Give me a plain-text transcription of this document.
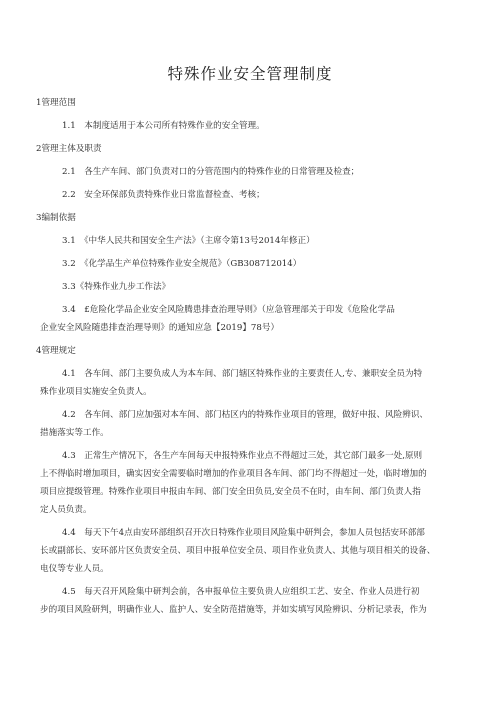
特殊作业安全管理制度
1管理范围
1.1　本制度适用于本公司所有特殊作业的安全管理。
2管理主体及职责
2.1　各生产车间、部门负责对口的分管范围内的特殊作业的日常管理及检查；
2.2　安全环保部负责特殊作业日常监督检查、考核；
3编制依据
3.1　《中华人民共和国安全生产法》（主席令第13号2014年修正）
3.2　《化学品生产单位特殊作业安全规范》（GB308712014）
3.3《特殊作业九步工作法》
3.4　£危险化学品企业安全风险腾患排查治理导则》（应急管理部关于印发《危险化学品
企业安全风险随患排查治理导则》的通知应急【2019】78号）
4管理规定
4.1　各车间、部门主要负成人为本车间、部门辖区特殊作业的主要责任人,专、兼职安全员为特
殊作业项目实施安全负责人。
4.2　各车间、部门应加强对本车间、部门枯区内的特殊作业项目的管理，做好申报、风险辨识、
措施落实等工作。
4.3　正常生产情况下，各生产车间每天申报特殊作业点不得超过三处，其它部门最多一处,原则
上不得临时增加项目，确实因安全需要临时增加的作业项目各车间、部门均不得超过一处，临时增加的
项目应提级管理。特殊作业项目申报由车间、部门安全田负员,安全员不在时，由车间、部门负责人指
定人员负责。
4.4　每天下午4点由安环部组织召开次日特殊作业项目风险集中研判会，参加人员包括安环部部
长或副部长、安环部片区负责安全员、项目申报单位安全员、项目作业负责人、其他与项目相关的设备、
电仪等专业人员。
4.5　每天召开风险集中研判会前，各申报单位主要负贵人应组织工艺、安全、作业人员进行初
步的项目风险研判，明确作业人、监护人、安全防范措施等，并如实填写风险辨识、分析记录表，作为
